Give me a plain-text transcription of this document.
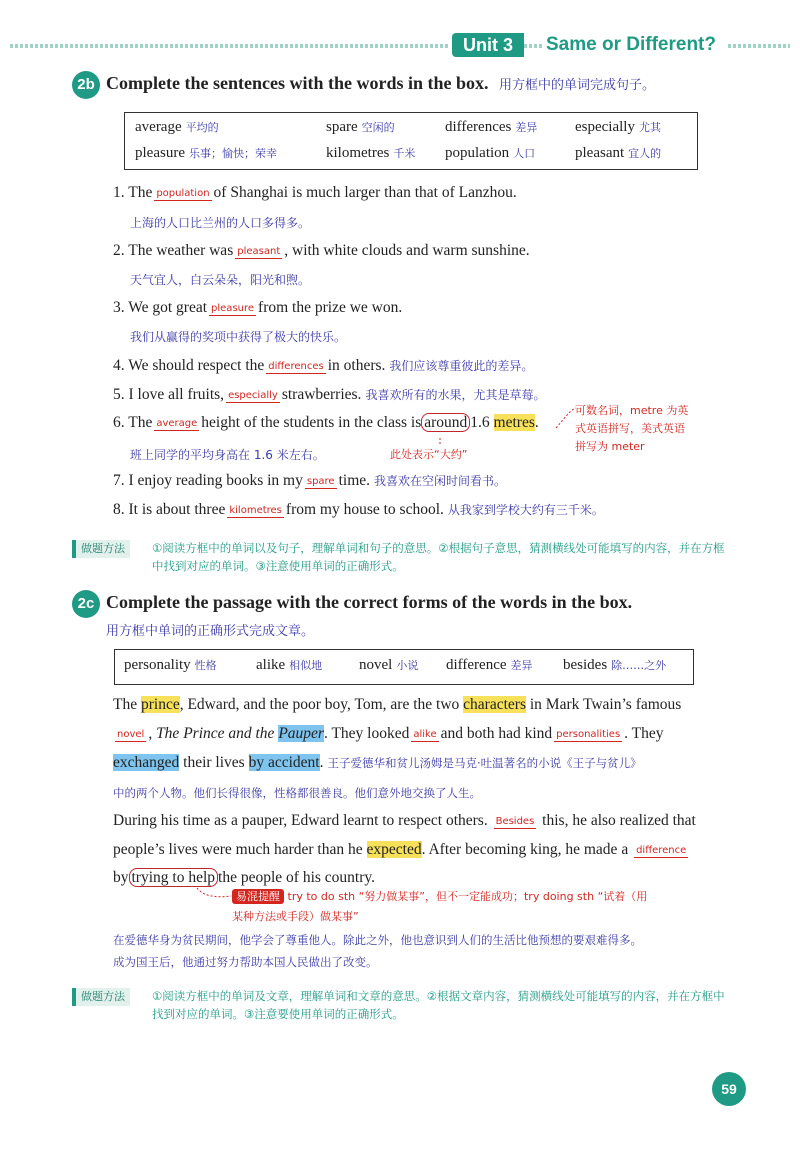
Unit 3	Same or Different?
2b Complete the sentences with the words in the box. 用方框中的单词完成句子。
average 平均的	spare 空闲的	differences 差异	especially 尤其
pleasure 乐事；愉快；荣幸	kilometres 千米 population 人口	pleasant 宜人的
1. The population of Shanghai is much larger than that of Lanzhou.
上海的人口比兰州的人口多得多。
2. The weather was pleasant , with white clouds and warm sunshine.
天气宜人，白云朵朵，阳光和煦。
3. We got great pleasure from the prize we won.
我们从赢得的奖项中获得了极大的快乐。
4. We should respect the differences in others. 我们应该尊重彼此的差异。
5. I love all fruits, especially strawberries. 我喜欢所有的水果，尤其是草莓。
6. The average height of the students in the class is around 1.6 metres.
班上同学的平均身高在 1.6 米左右。	此处表示“大约”
可数名词，metre 为英
式英语拼写，美式英语
拼写为 meter
7. I enjoy reading books in my spare time. 我喜欢在空闲时间看书。
8. It is about three kilometres from my house to school. 从我家到学校大约有三千米。
做题方法	①阅读方框中的单词以及句子，理解单词和句子的意思。②根据句子意思，猜测横线处可能填写的内容，并在方框中找到对应的单词。③注意使用单词的正确形式。
2c Complete the passage with the correct forms of the words in the box.
用方框中单词的正确形式完成文章。
personality 性格	alike 相似地 novel 小说 difference 差异 besides 除……之外
The prince, Edward, and the poor boy, Tom, are the two characters in Mark Twain’s famous
novel , The Prince and the Pauper. They looked alike and both had kind personalities . They
exchanged their lives by accident. 王子爱德华和贫儿汤姆是马克·吐温著名的小说《王子与贫儿》
中的两个人物。他们长得很像，性格都很善良。他们意外地交换了人生。
During his time as a pauper, Edward learnt to respect others. Besides this, he also realized that
people’s lives were much harder than he expected. After becoming king, he made a difference
by trying to help the people of his country.
易混提醒 try to do sth “努力做某事”，但不一定能成功；try doing sth “试着（用
某种方法或手段）做某事”
在爱德华身为贫民期间，他学会了尊重他人。除此之外，他也意识到人们的生活比他预想的要艰难得多。
成为国王后，他通过努力帮助本国人民做出了改变。
做题方法	①阅读方框中的单词及文章，理解单词和文章的意思。②根据文章内容，猜测横线处可能填写的内容，并在方框中找到对应的单词。③注意要使用单词的正确形式。
59
